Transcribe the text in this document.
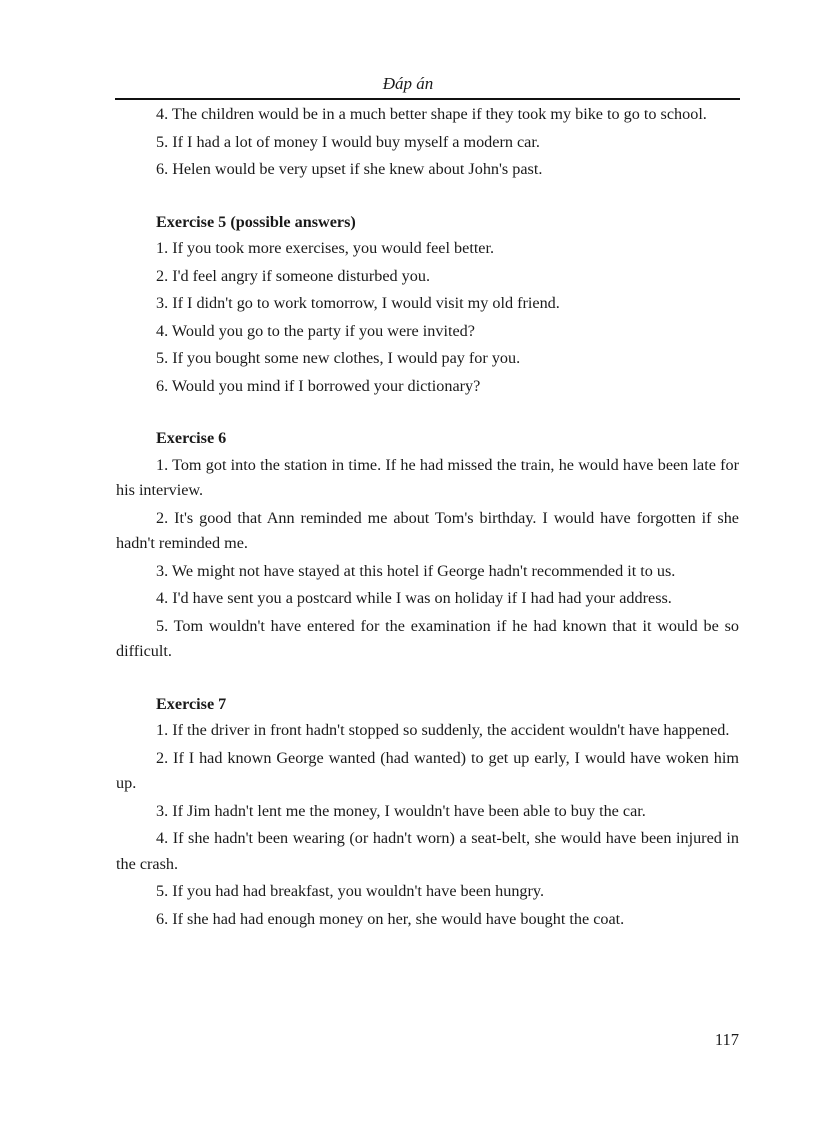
Đáp án

4. The children would be in a much better shape if they took my bike to go to school.

5. If I had a lot of money I would buy myself a modern car.

6. Helen would be very upset if she knew about John's past.

Exercise 5 (possible answers)

1. If you took more exercises, you would feel better.

2. I'd feel angry if someone disturbed you.

3. If I didn't go to work tomorrow, I would visit my old friend.

4. Would you go to the party if you were invited?

5. If you bought some new clothes, I would pay for you.

6. Would you mind if I borrowed your dictionary?

Exercise 6

1. Tom got into the station in time. If he had missed the train, he would have been late for his interview.

2. It's good that Ann reminded me about Tom's birthday. I would have forgotten if she hadn't reminded me.

3. We might not have stayed at this hotel if George hadn't recommended it to us.

4. I'd have sent you a postcard while I was on holiday if I had had your address.

5. Tom wouldn't have entered for the examination if he had known that it would be so difficult.

Exercise 7

1. If the driver in front hadn't stopped so suddenly, the accident wouldn't have happened.

2. If I had known George wanted (had wanted) to get up early, I would have woken him up.

3. If Jim hadn't lent me the money, I wouldn't have been able to buy the car.

4. If she hadn't been wearing (or hadn't worn) a seat-belt, she would have been injured in the crash.

5. If you had had breakfast, you wouldn't have been hungry.

6. If she had had enough money on her, she would have bought the coat.

117
